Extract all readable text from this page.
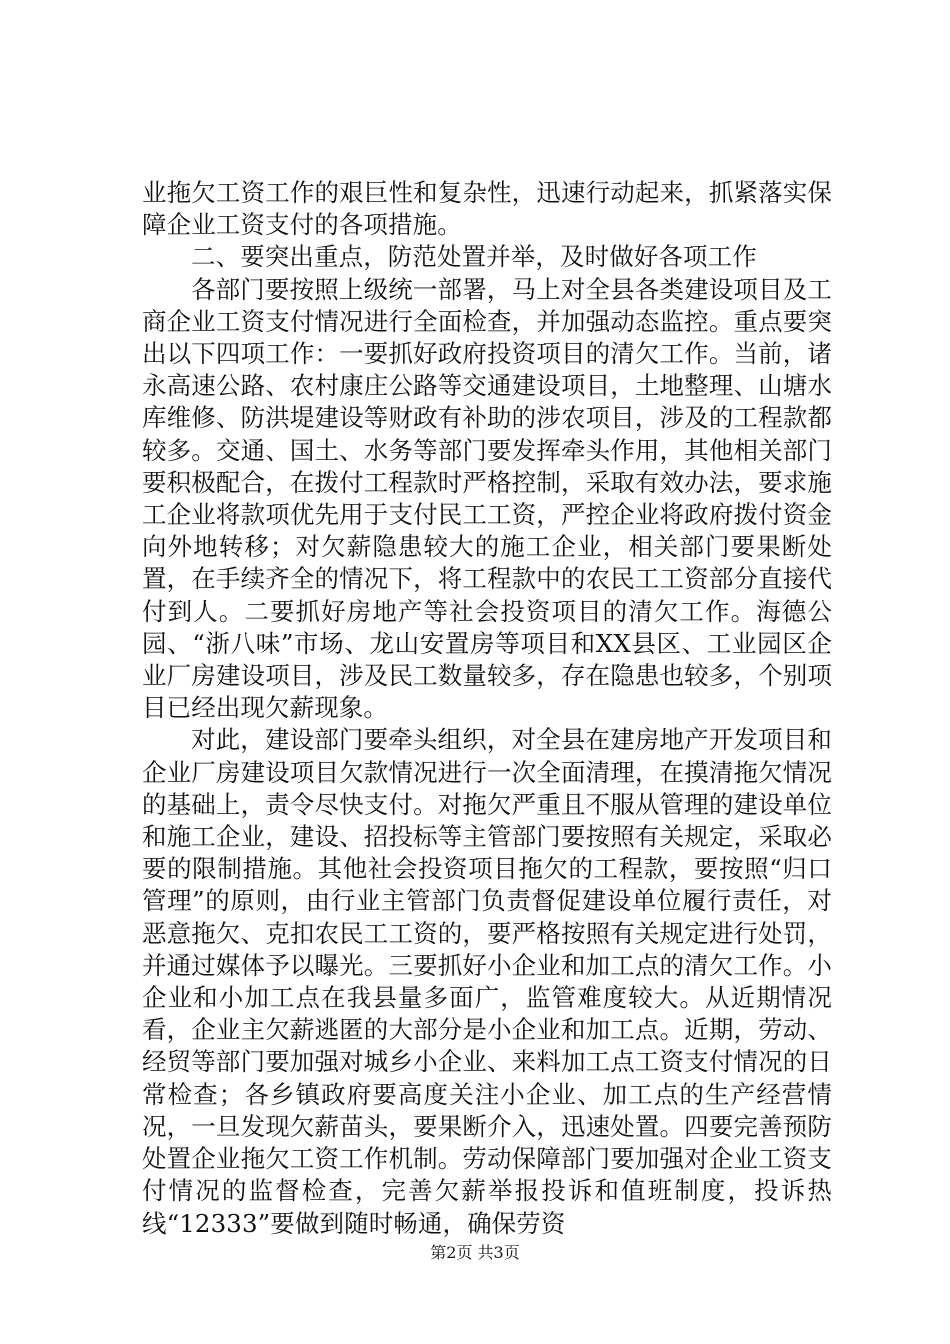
业拖欠工资工作的艰巨性和复杂性，迅速行动起来，抓紧落实保障企业工资支付的各项措施。

二、要突出重点，防范处置并举，及时做好各项工作

各部门要按照上级统一部署，马上对全县各类建设项目及工商企业工资支付情况进行全面检查，并加强动态监控。重点要突出以下四项工作：一要抓好政府投资项目的清欠工作。当前，诸永高速公路、农村康庄公路等交通建设项目，土地整理、山塘水库维修、防洪堤建设等财政有补助的涉农项目，涉及的工程款都较多。交通、国土、水务等部门要发挥牵头作用，其他相关部门要积极配合，在拨付工程款时严格控制，采取有效办法，要求施工企业将款项优先用于支付民工工资，严控企业将政府拨付资金向外地转移；对欠薪隐患较大的施工企业，相关部门要果断处置，在手续齐全的情况下，将工程款中的农民工工资部分直接代付到人。二要抓好房地产等社会投资项目的清欠工作。海德公园、“浙八味”市场、龙山安置房等项目和XX县区、工业园区企业厂房建设项目，涉及民工数量较多，存在隐患也较多，个别项目已经出现欠薪现象。

对此，建设部门要牵头组织，对全县在建房地产开发项目和企业厂房建设项目欠款情况进行一次全面清理，在摸清拖欠情况的基础上，责令尽快支付。对拖欠严重且不服从管理的建设单位和施工企业，建设、招投标等主管部门要按照有关规定，采取必要的限制措施。其他社会投资项目拖欠的工程款，要按照“归口管理”的原则，由行业主管部门负责督促建设单位履行责任，对恶意拖欠、克扣农民工工资的，要严格按照有关规定进行处罚，并通过媒体予以曝光。三要抓好小企业和加工点的清欠工作。小企业和小加工点在我县量多面广，监管难度较大。从近期情况看，企业主欠薪逃匿的大部分是小企业和加工点。近期，劳动、经贸等部门要加强对城乡小企业、来料加工点工资支付情况的日常检查；各乡镇政府要高度关注小企业、加工点的生产经营情况，一旦发现欠薪苗头，要果断介入，迅速处置。四要完善预防处置企业拖欠工资工作机制。劳动保障部门要加强对企业工资支付情况的监督检查，完善欠薪举报投诉和值班制度，投诉热线“12333”要做到随时畅通，确保劳资

第2页 共3页
